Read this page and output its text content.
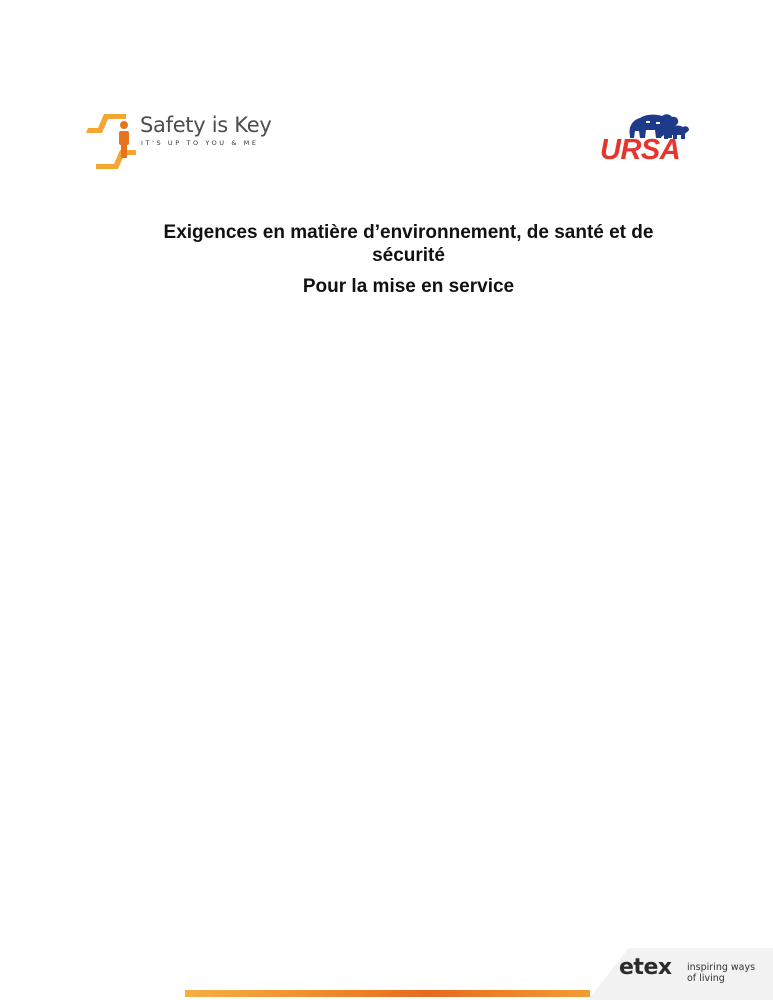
Safety is Key
IT'S UP TO YOU & ME	URSA
Exigences en matière d’environnement, de santé et de sécurité
Pour la mise en service
etex inspiring ways of living
